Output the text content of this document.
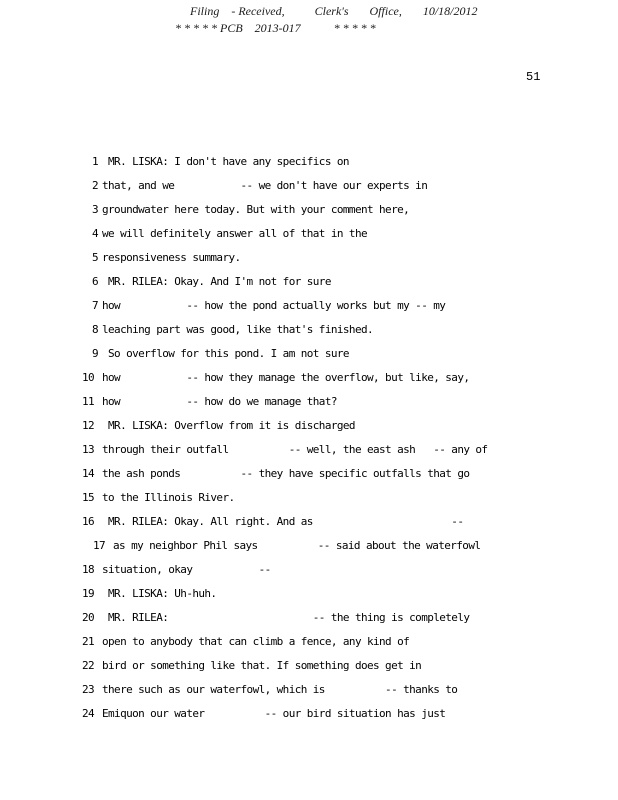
Filing    - Received,          Clerk's       Office,       10/18/2012
* * * * * PCB    2013-017           * * * * *
51
1 MR. LISKA: I don't have any specifics on
2 that, and we           -- we don't have our experts in
3 groundwater here today. But with your comment here,
4 we will definitely answer all of that in the
5 responsiveness summary.
6 MR. RILEA: Okay. And I'm not for sure
7 how           -- how the pond actually works but my -- my
8 leaching part was good, like that's finished.
9 So overflow for this pond. I am not sure
10 how           -- how they manage the overflow, but like, say,
11 how           -- how do we manage that?
12 MR. LISKA: Overflow from it is discharged
13 through their outfall          -- well, the east ash   -- any of
14 the ash ponds          -- they have specific outfalls that go
15 to the Illinois River.
16 MR. RILEA: Okay. All right. And as                       --
17 as my neighbor Phil says          -- said about the waterfowl
18 situation, okay           --
19 MR. LISKA: Uh-huh.
20 MR. RILEA:                        -- the thing is completely
21 open to anybody that can climb a fence, any kind of
22 bird or something like that. If something does get in
23 there such as our waterfowl, which is          -- thanks to
24 Emiquon our water          -- our bird situation has just
